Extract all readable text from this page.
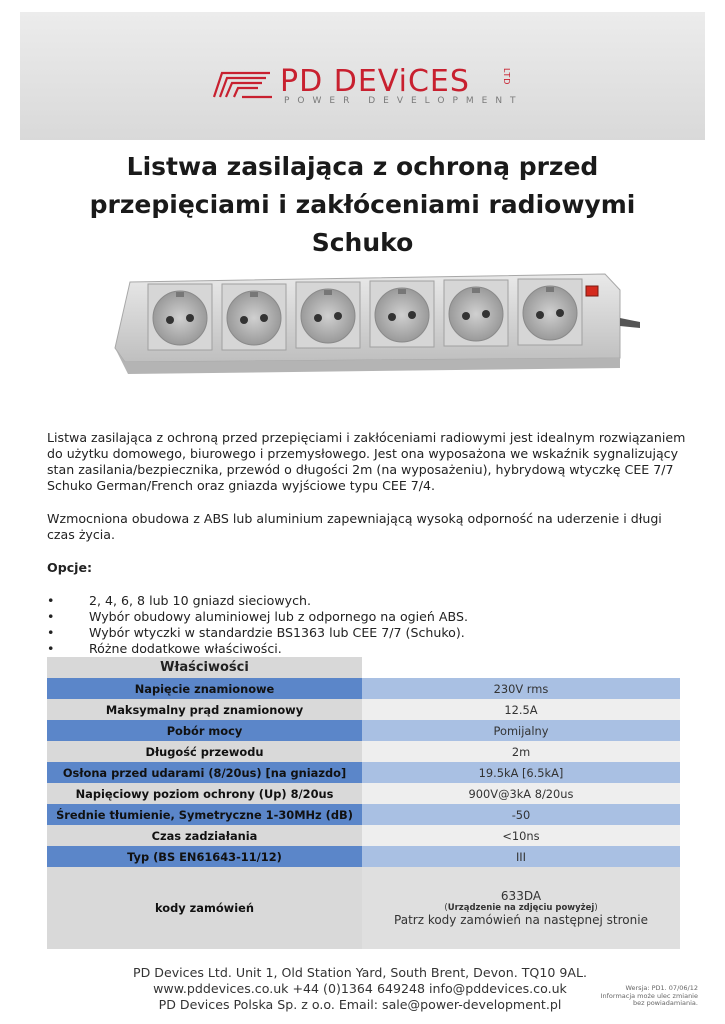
PD DEViCES	LTD
POWER DEVELOPMENT
Listwa zasilająca z ochroną przed przepięciami i zakłóceniami radiowymi Schuko

Listwa zasilająca z ochroną przed przepięciami i zakłóceniami radiowymi jest idealnym rozwiązaniem do użytku domowego, biurowego i przemysłowego. Jest ona wyposażona we wskaźnik sygnalizujący stan zasilania/bezpiecznika, przewód o długości 2m (na wyposażeniu), hybrydową wtyczkę CEE 7/7 Schuko German/French oraz gniazda wyjściowe typu CEE 7/4.

Wzmocniona obudowa z ABS lub aluminium zapewniającą wysoką odporność na uderzenie i długi czas życia.

Opcje:

• 2, 4, 6, 8 lub 10 gniazd sieciowych.
• Wybór obudowy aluminiowej lub z odpornego na ogień ABS.
• Wybór wtyczki w standardzie BS1363 lub CEE 7/7 (Schuko).
• Różne dodatkowe właściwości.
Właściwości	
Napięcie znamionowe	230V rms
Maksymalny prąd znamionowy	12.5A
Pobór mocy	Pomijalny
Długość przewodu	2m
Osłona przed udarami (8/20us) [na gniazdo]	19.5kA [6.5kA]
Napięciowy poziom ochrony (Up) 8/20us	900V@3kA 8/20us
Średnie tłumienie, Symetryczne 1-30MHz (dB)	-50
Czas zadziałania	<10ns
Typ (BS EN61643-11/12)	III
kody zamówień	633DA
(Urządzenie na zdjęciu powyżej)
Patrz kody zamówień na następnej stronie
PD Devices Ltd. Unit 1, Old Station Yard, South Brent, Devon. TQ10 9AL.
www.pddevices.co.uk +44 (0)1364 649248 info@pddevices.co.uk
PD Devices Polska Sp. z o.o. Email: sale@power-development.pl
Wersja: PD1. 07/06/12
Informacja może ulec zmianie
bez powiadamiania.
